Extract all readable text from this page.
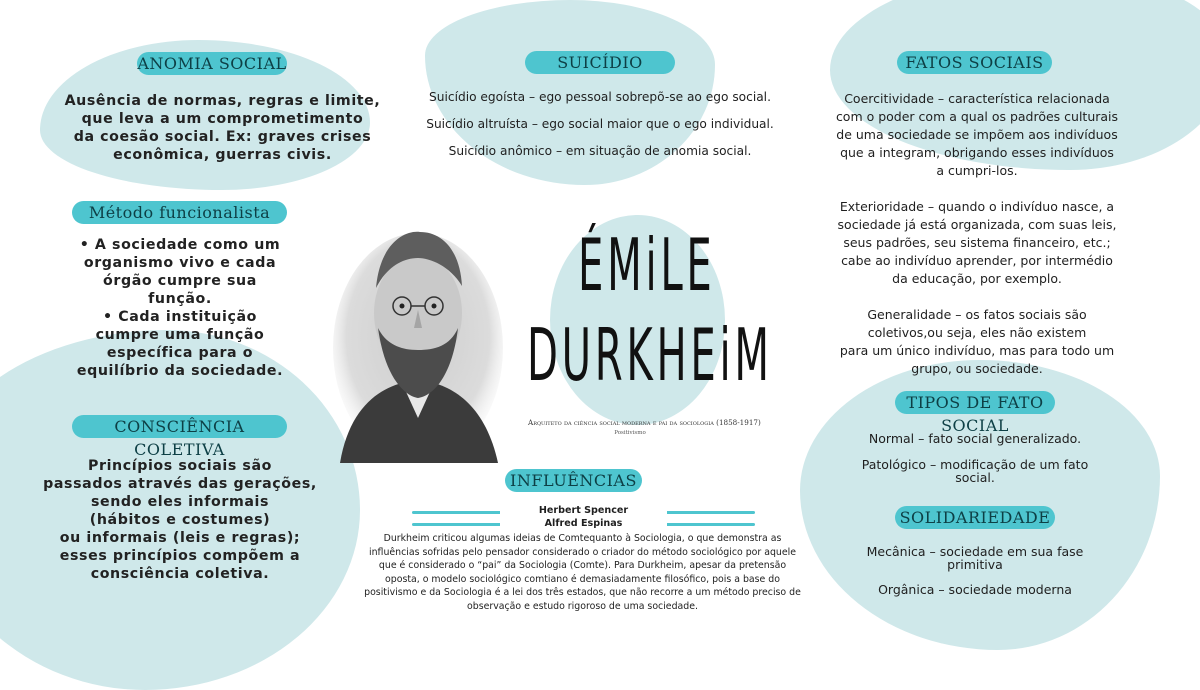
ANOMIA SOCIAL
Ausência de normas, regras e limite,
que leva a um comprometimento
da coesão social. Ex: graves crises
econômica, guerras civis.
Método funcionalista
• A sociedade como um
organismo vivo e cada
órgão cumpre sua
função.
• Cada instituição
cumpre uma função
específica para o
equilíbrio da sociedade.
CONSCIÊNCIA COLETIVA
Princípios sociais são
passados através das gerações,
sendo eles informais
(hábitos e costumes)
ou informais (leis e regras);
esses princípios compõem a
consciência coletiva.
SUICÍDIO
Suicídio egoísta – ego pessoal sobrepõ-se ao ego social.
Suicídio altruísta – ego social maior que o ego individual.
Suicídio anômico – em situação de anomia social.
ÉMiLE
DURKHEiM
Arquiteto da ciência social moderna e pai da sociologia (1858-1917)
Positivismo
INFLUÊNCIAS
Herbert Spencer
Alfred Espinas
Durkheim criticou algumas ideias de Comtequanto à Sociologia, o que demonstra as
influências sofridas pelo pensador considerado o criador do método sociológico por aquele
que é considerado o “pai” da Sociologia (Comte). Para Durkheim, apesar da pretensão
oposta, o modelo sociológico comtiano é demasiadamente filosófico, pois a base do
positivismo e da Sociologia é a lei dos três estados, que não recorre a um método preciso de
observação e estudo rigoroso de uma sociedade.
FATOS SOCIAIS
Coercitividade – característica relacionada
com o poder com a qual os padrões culturais
de uma sociedade se impõem aos indivíduos
que a integram, obrigando esses indivíduos
a cumpri-los.
Exterioridade – quando o indivíduo nasce, a
sociedade já está organizada, com suas leis,
seus padrões, seu sistema financeiro, etc.;
cabe ao indivíduo aprender, por intermédio
da educação, por exemplo.
Generalidade – os fatos sociais são
coletivos,ou seja, eles não existem
para um único indivíduo, mas para todo um
grupo, ou sociedade.
TIPOS DE FATO SOCIAL
Normal – fato social generalizado.
Patológico – modificação de um fato
social.
SOLIDARIEDADE
Mecânica – sociedade em sua fase
primitiva
Orgânica – sociedade moderna
